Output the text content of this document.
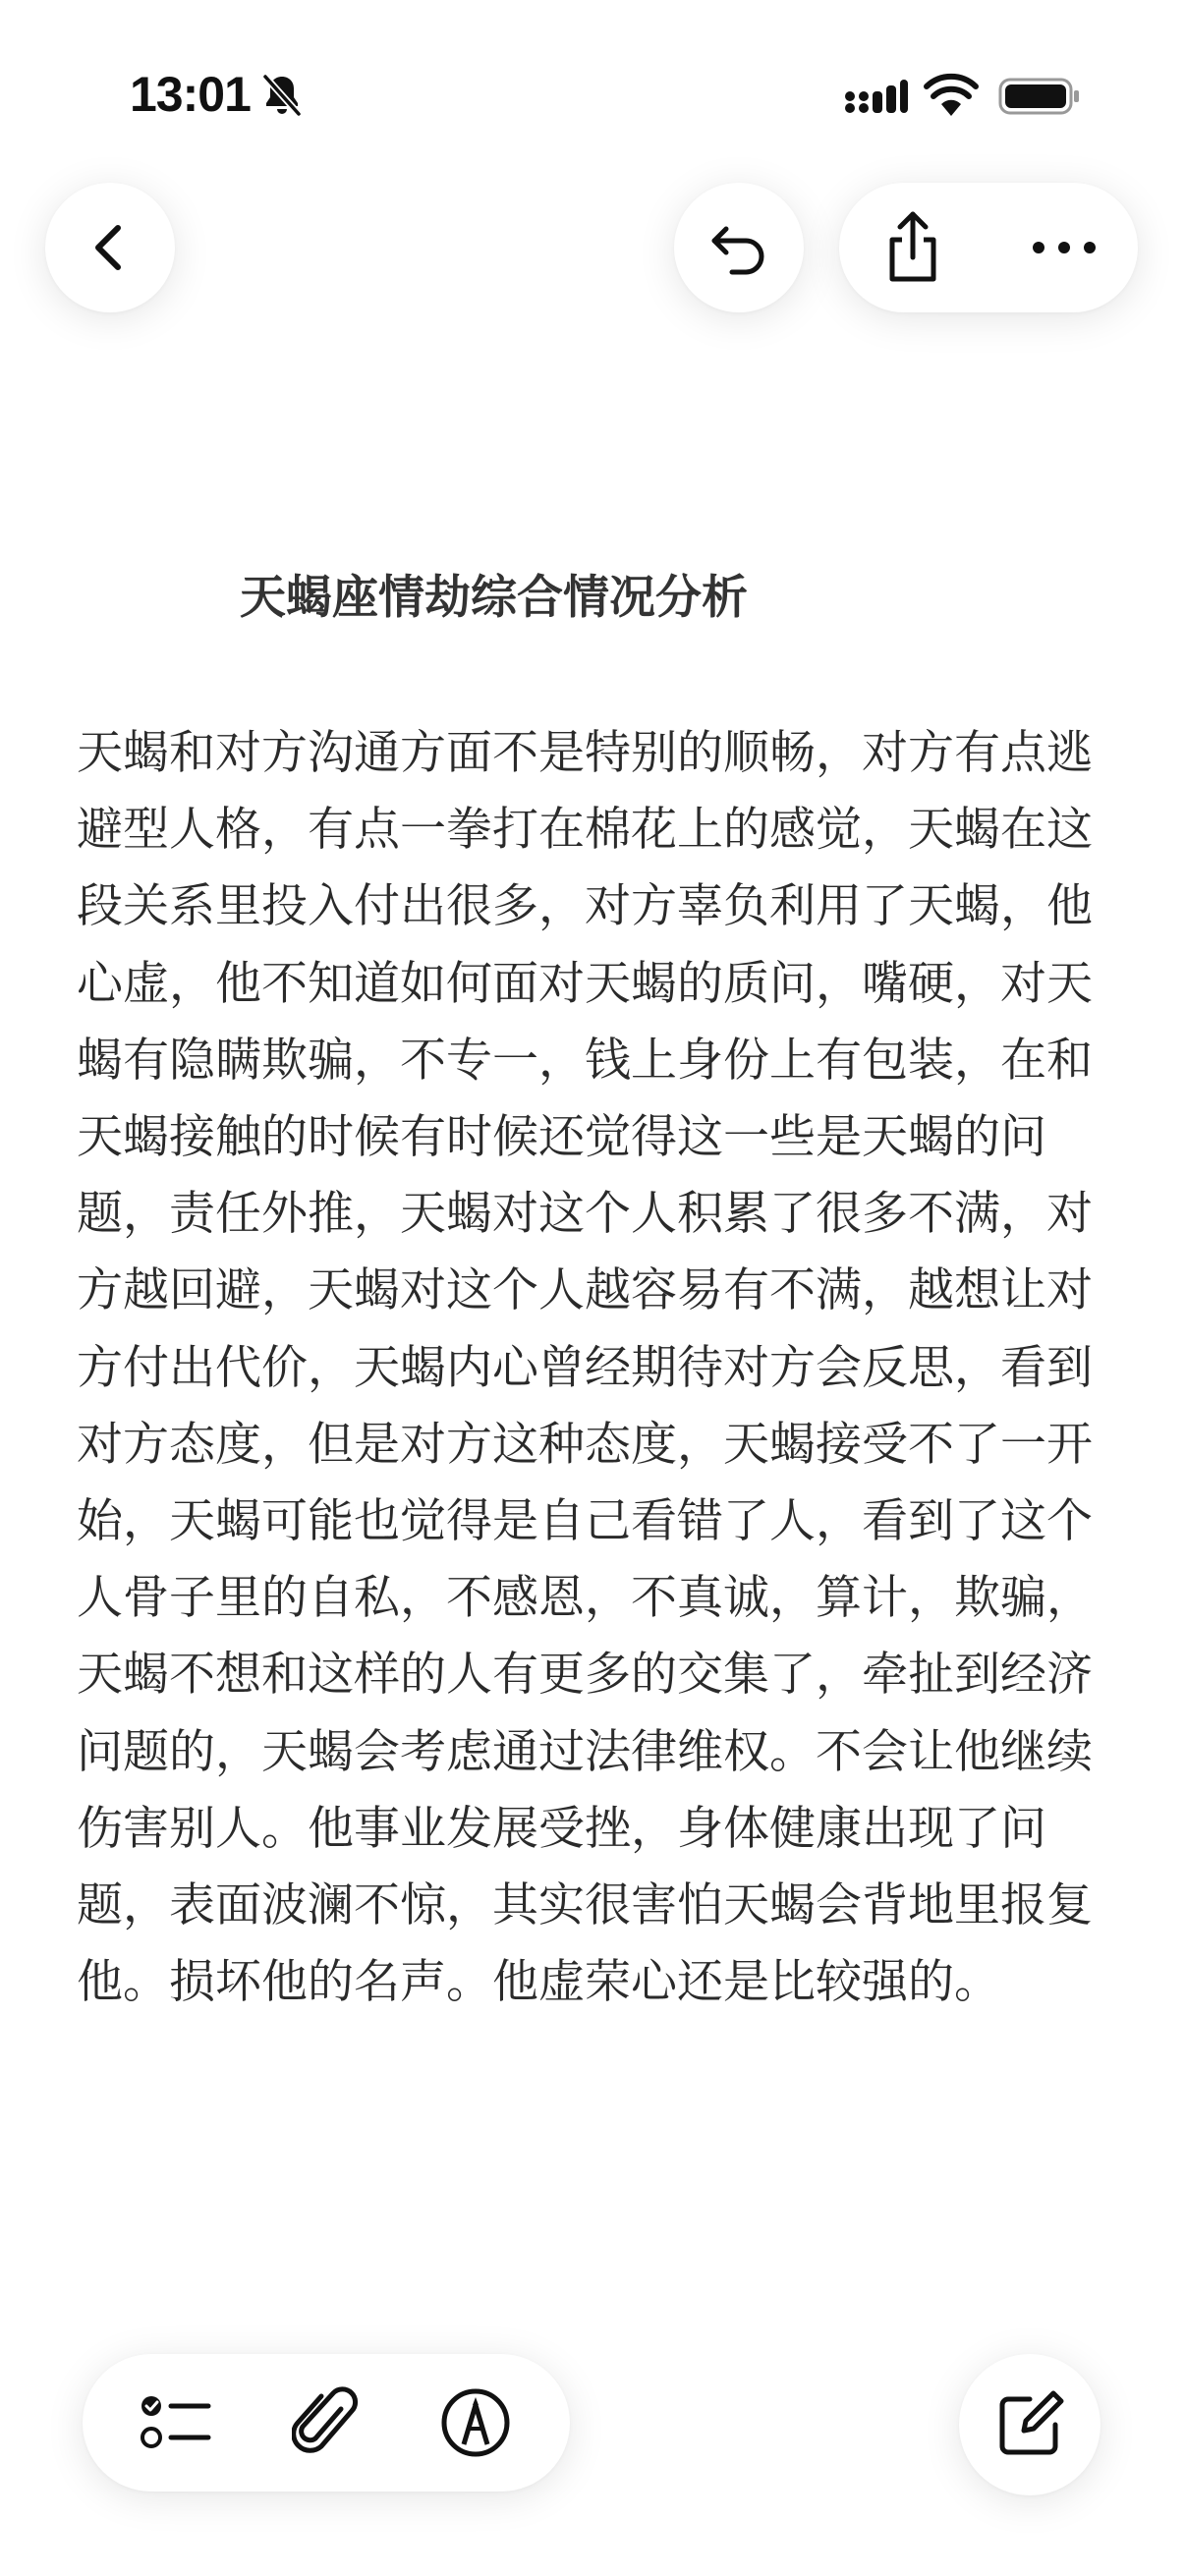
13:01
天蝎座情劫综合情况分析
天蝎和对方沟通方面不是特别的顺畅，对方有点逃避型人格，有点一拳打在棉花上的感觉，天蝎在这段关系里投入付出很多，对方辜负利用了天蝎，他心虚，他不知道如何面对天蝎的质问，嘴硬，对天蝎有隐瞒欺骗，不专一，钱上身份上有包装，在和天蝎接触的时候有时候还觉得这一些是天蝎的问题，责任外推，天蝎对这个人积累了很多不满，对方越回避，天蝎对这个人越容易有不满，越想让对方付出代价，天蝎内心曾经期待对方会反思，看到对方态度，但是对方这种态度，天蝎接受不了一开始，天蝎可能也觉得是自己看错了人，看到了这个人骨子里的自私，不感恩，不真诚，算计，欺骗，天蝎不想和这样的人有更多的交集了，牵扯到经济问题的，天蝎会考虑通过法律维权。不会让他继续伤害别人。他事业发展受挫，身体健康出现了问题，表面波澜不惊，其实很害怕天蝎会背地里报复他。损坏他的名声。他虚荣心还是比较强的。
